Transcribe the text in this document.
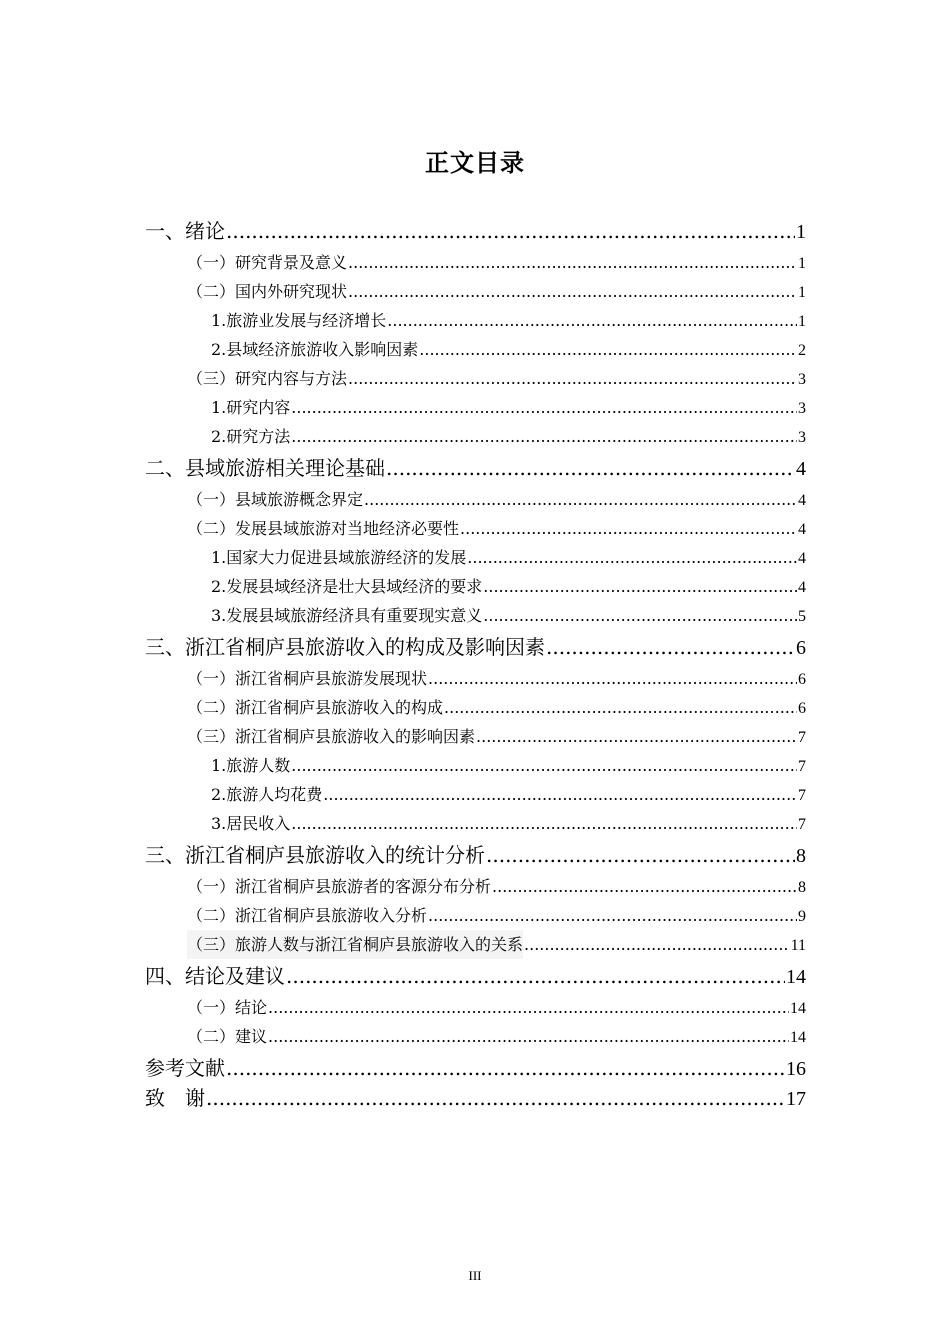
正文目录
一、绪论 .....	1
（一）研究背景及意义 .....	1
（二）国内外研究现状 .....	1
1.旅游业发展与经济增长 .....	1
2.县域经济旅游收入影响因素 .....	2
（三）研究内容与方法 .....	3
1.研究内容 .....	3
2.研究方法 .....	3
二、县域旅游相关理论基础 .....	4
（一）县域旅游概念界定 .....	4
（二）发展县域旅游对当地经济必要性 .....	4
1.国家大力促进县域旅游经济的发展 .....	4
2.发展县域经济是壮大县域经济的要求 .....	4
3.发展县域旅游经济具有重要现实意义 .....	5
三、浙江省桐庐县旅游收入的构成及影响因素 .....	6
（一）浙江省桐庐县旅游发展现状 .....	6
（二）浙江省桐庐县旅游收入的构成 .....	6
（三）浙江省桐庐县旅游收入的影响因素 .....	7
1.旅游人数 .....	7
2.旅游人均花费 .....	7
3.居民收入 .....	7
三、浙江省桐庐县旅游收入的统计分析 .....	8
（一）浙江省桐庐县旅游者的客源分布分析 .....	8
（二）浙江省桐庐县旅游收入分析 .....	9
（三）旅游人数与浙江省桐庐县旅游收入的关系 .....	11
四、结论及建议 .....	14
（一）结论 .....	14
（二）建议 .....	14
参考文献 .....	16
致　谢 .....	17
III
